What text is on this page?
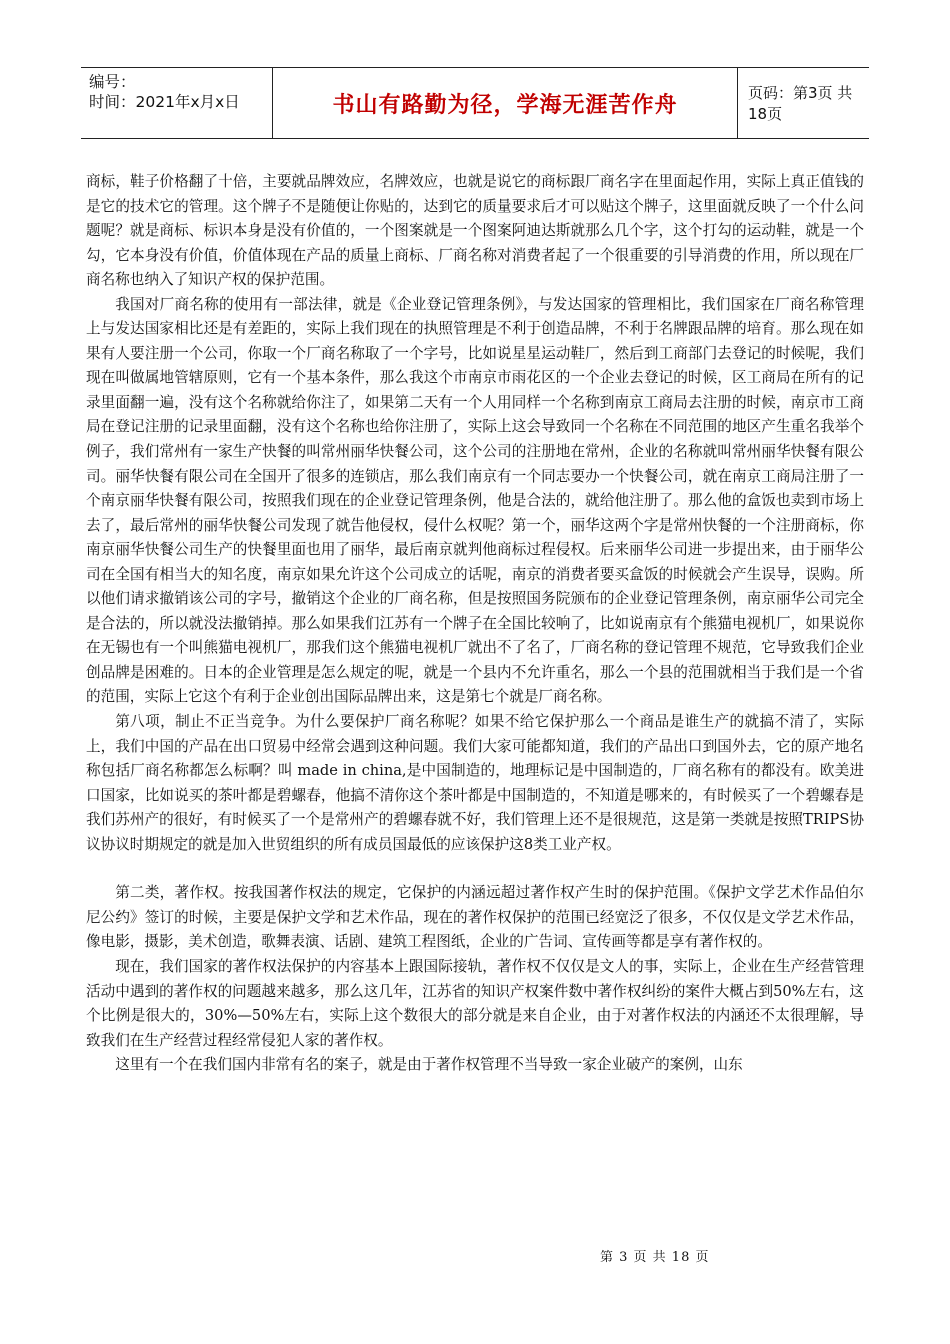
编号：
时间：2021年x月x日	书山有路勤为径，学海无涯苦作舟	页码：第3页 共18页

商标，鞋子价格翻了十倍，主要就品牌效应，名牌效应，也就是说它的商标跟厂商名字在里面起作用，实际上真正值钱的是它的技术它的管理。这个牌子不是随便让你贴的，达到它的质量要求后才可以贴这个牌子，这里面就反映了一个什么问题呢？就是商标、标识本身是没有价值的，一个图案就是一个图案阿迪达斯就那么几个字，这个打勾的运动鞋，就是一个勾，它本身没有价值，价值体现在产品的质量上商标、厂商名称对消费者起了一个很重要的引导消费的作用，所以现在厂商名称也纳入了知识产权的保护范围。

我国对厂商名称的使用有一部法律，就是《企业登记管理条例》，与发达国家的管理相比，我们国家在厂商名称管理上与发达国家相比还是有差距的，实际上我们现在的执照管理是不利于创造品牌，不利于名牌跟品牌的培育。那么现在如果有人要注册一个公司，你取一个厂商名称取了一个字号，比如说星星运动鞋厂，然后到工商部门去登记的时候呢，我们现在叫做属地管辖原则，它有一个基本条件，那么我这个市南京市雨花区的一个企业去登记的时候，区工商局在所有的记录里面翻一遍，没有这个名称就给你注了，如果第二天有一个人用同样一个名称到南京工商局去注册的时候，南京市工商局在登记注册的记录里面翻，没有这个名称也给你注册了，实际上这会导致同一个名称在不同范围的地区产生重名我举个例子，我们常州有一家生产快餐的叫常州丽华快餐公司，这个公司的注册地在常州，企业的名称就叫常州丽华快餐有限公司。丽华快餐有限公司在全国开了很多的连锁店，那么我们南京有一个同志要办一个快餐公司，就在南京工商局注册了一个南京丽华快餐有限公司，按照我们现在的企业登记管理条例，他是合法的，就给他注册了。那么他的盒饭也卖到市场上去了，最后常州的丽华快餐公司发现了就告他侵权，侵什么权呢？第一个，丽华这两个字是常州快餐的一个注册商标，你南京丽华快餐公司生产的快餐里面也用了丽华，最后南京就判他商标过程侵权。后来丽华公司进一步提出来，由于丽华公司在全国有相当大的知名度，南京如果允许这个公司成立的话呢，南京的消费者要买盒饭的时候就会产生误导，误购。所以他们请求撤销该公司的字号，撤销这个企业的厂商名称，但是按照国务院颁布的企业登记管理条例，南京丽华公司完全是合法的，所以就没法撤销掉。那么如果我们江苏有一个牌子在全国比较响了，比如说南京有个熊猫电视机厂，如果说你在无锡也有一个叫熊猫电视机厂，那我们这个熊猫电视机厂就出不了名了，厂商名称的登记管理不规范，它导致我们企业创品牌是困难的。日本的企业管理是怎么规定的呢，就是一个县内不允许重名，那么一个县的范围就相当于我们是一个省的范围，实际上它这个有利于企业创出国际品牌出来，这是第七个就是厂商名称。

第八项，制止不正当竞争。为什么要保护厂商名称呢？如果不给它保护那么一个商品是谁生产的就搞不清了，实际上，我们中国的产品在出口贸易中经常会遇到这种问题。我们大家可能都知道，我们的产品出口到国外去，它的原产地名称包括厂商名称都怎么标啊？叫 made in china,是中国制造的，地理标记是中国制造的，厂商名称有的都没有。欧美进口国家，比如说买的茶叶都是碧螺春，他搞不清你这个茶叶都是中国制造的，不知道是哪来的，有时候买了一个碧螺春是我们苏州产的很好，有时候买了一个是常州产的碧螺春就不好，我们管理上还不是很规范，这是第一类就是按照TRIPS协议协议时期规定的就是加入世贸组织的所有成员国最低的应该保护这8类工业产权。

第二类，著作权。按我国著作权法的规定，它保护的内涵远超过著作权产生时的保护范围。《保护文学艺术作品伯尔尼公约》签订的时候，主要是保护文学和艺术作品，现在的著作权保护的范围已经宽泛了很多，不仅仅是文学艺术作品，像电影，摄影，美术创造，歌舞表演、话剧、建筑工程图纸，企业的广告词、宣传画等都是享有著作权的。

现在，我们国家的著作权法保护的内容基本上跟国际接轨，著作权不仅仅是文人的事，实际上，企业在生产经营管理活动中遇到的著作权的问题越来越多，那么这几年，江苏省的知识产权案件数中著作权纠纷的案件大概占到50%左右，这个比例是很大的，30%—50%左右，实际上这个数很大的部分就是来自企业，由于对著作权法的内涵还不太很理解，导致我们在生产经营过程经常侵犯人家的著作权。

这里有一个在我们国内非常有名的案子，就是由于著作权管理不当导致一家企业破产的案例，山东

第 3 页 共 18 页
